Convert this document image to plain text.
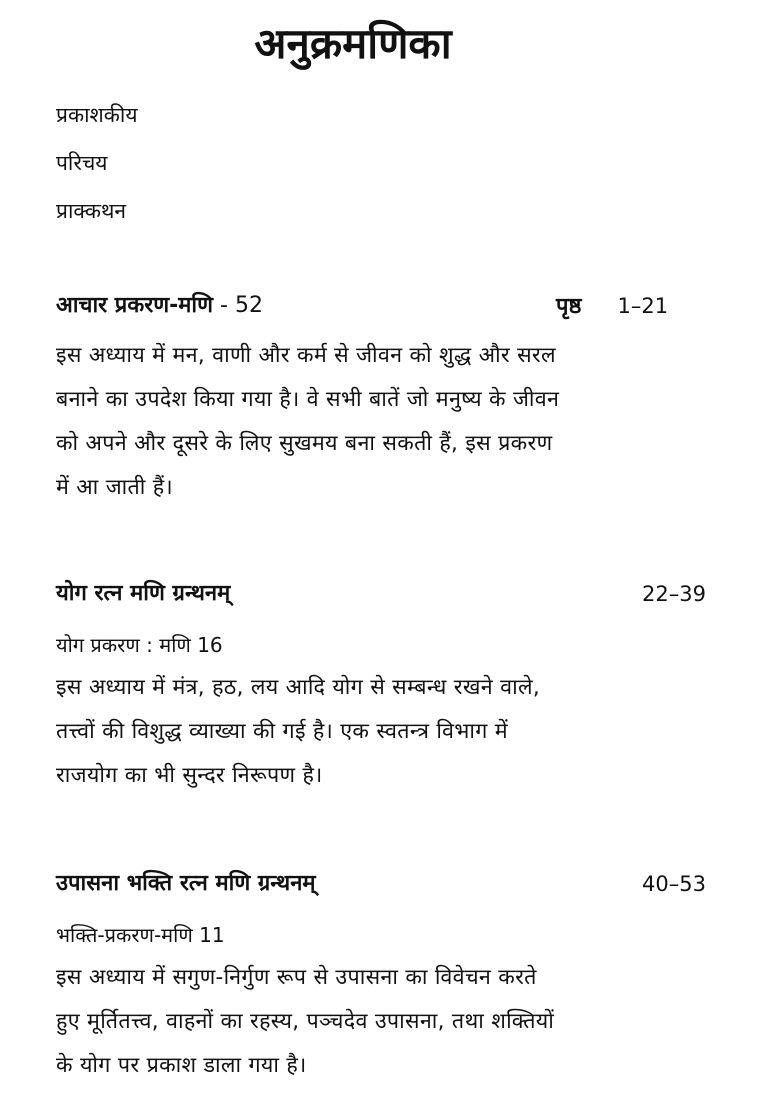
अनुक्रमणिका
प्रकाशकीय
परिचय
प्राक्कथन
आचार प्रकरण-मणि - 52	पृष्ठ 1–21
इस अध्याय में मन, वाणी और कर्म से जीवन को शुद्ध और सरल
बनाने का उपदेश किया गया है। वे सभी बातें जो मनुष्य के जीवन
को अपने और दूसरे के लिए सुखमय बना सकती हैं, इस प्रकरण
में आ जाती हैं।
योग रत्न मणि ग्रन्थनम्	22–39
योग प्रकरण : मणि 16
इस अध्याय में मंत्र, हठ, लय आदि योग से सम्बन्ध रखने वाले,
तत्त्वों की विशुद्ध व्याख्या की गई है। एक स्वतन्त्र विभाग में
राजयोग का भी सुन्दर निरूपण है।
उपासना भक्ति रत्न मणि ग्रन्थनम्	40–53
भक्ति-प्रकरण-मणि 11
इस अध्याय में सगुण-निर्गुण रूप से उपासना का विवेचन करते
हुए मूर्तितत्त्व, वाहनों का रहस्य, पञ्चदेव उपासना, तथा शक्तियों
के योग पर प्रकाश डाला गया है।
